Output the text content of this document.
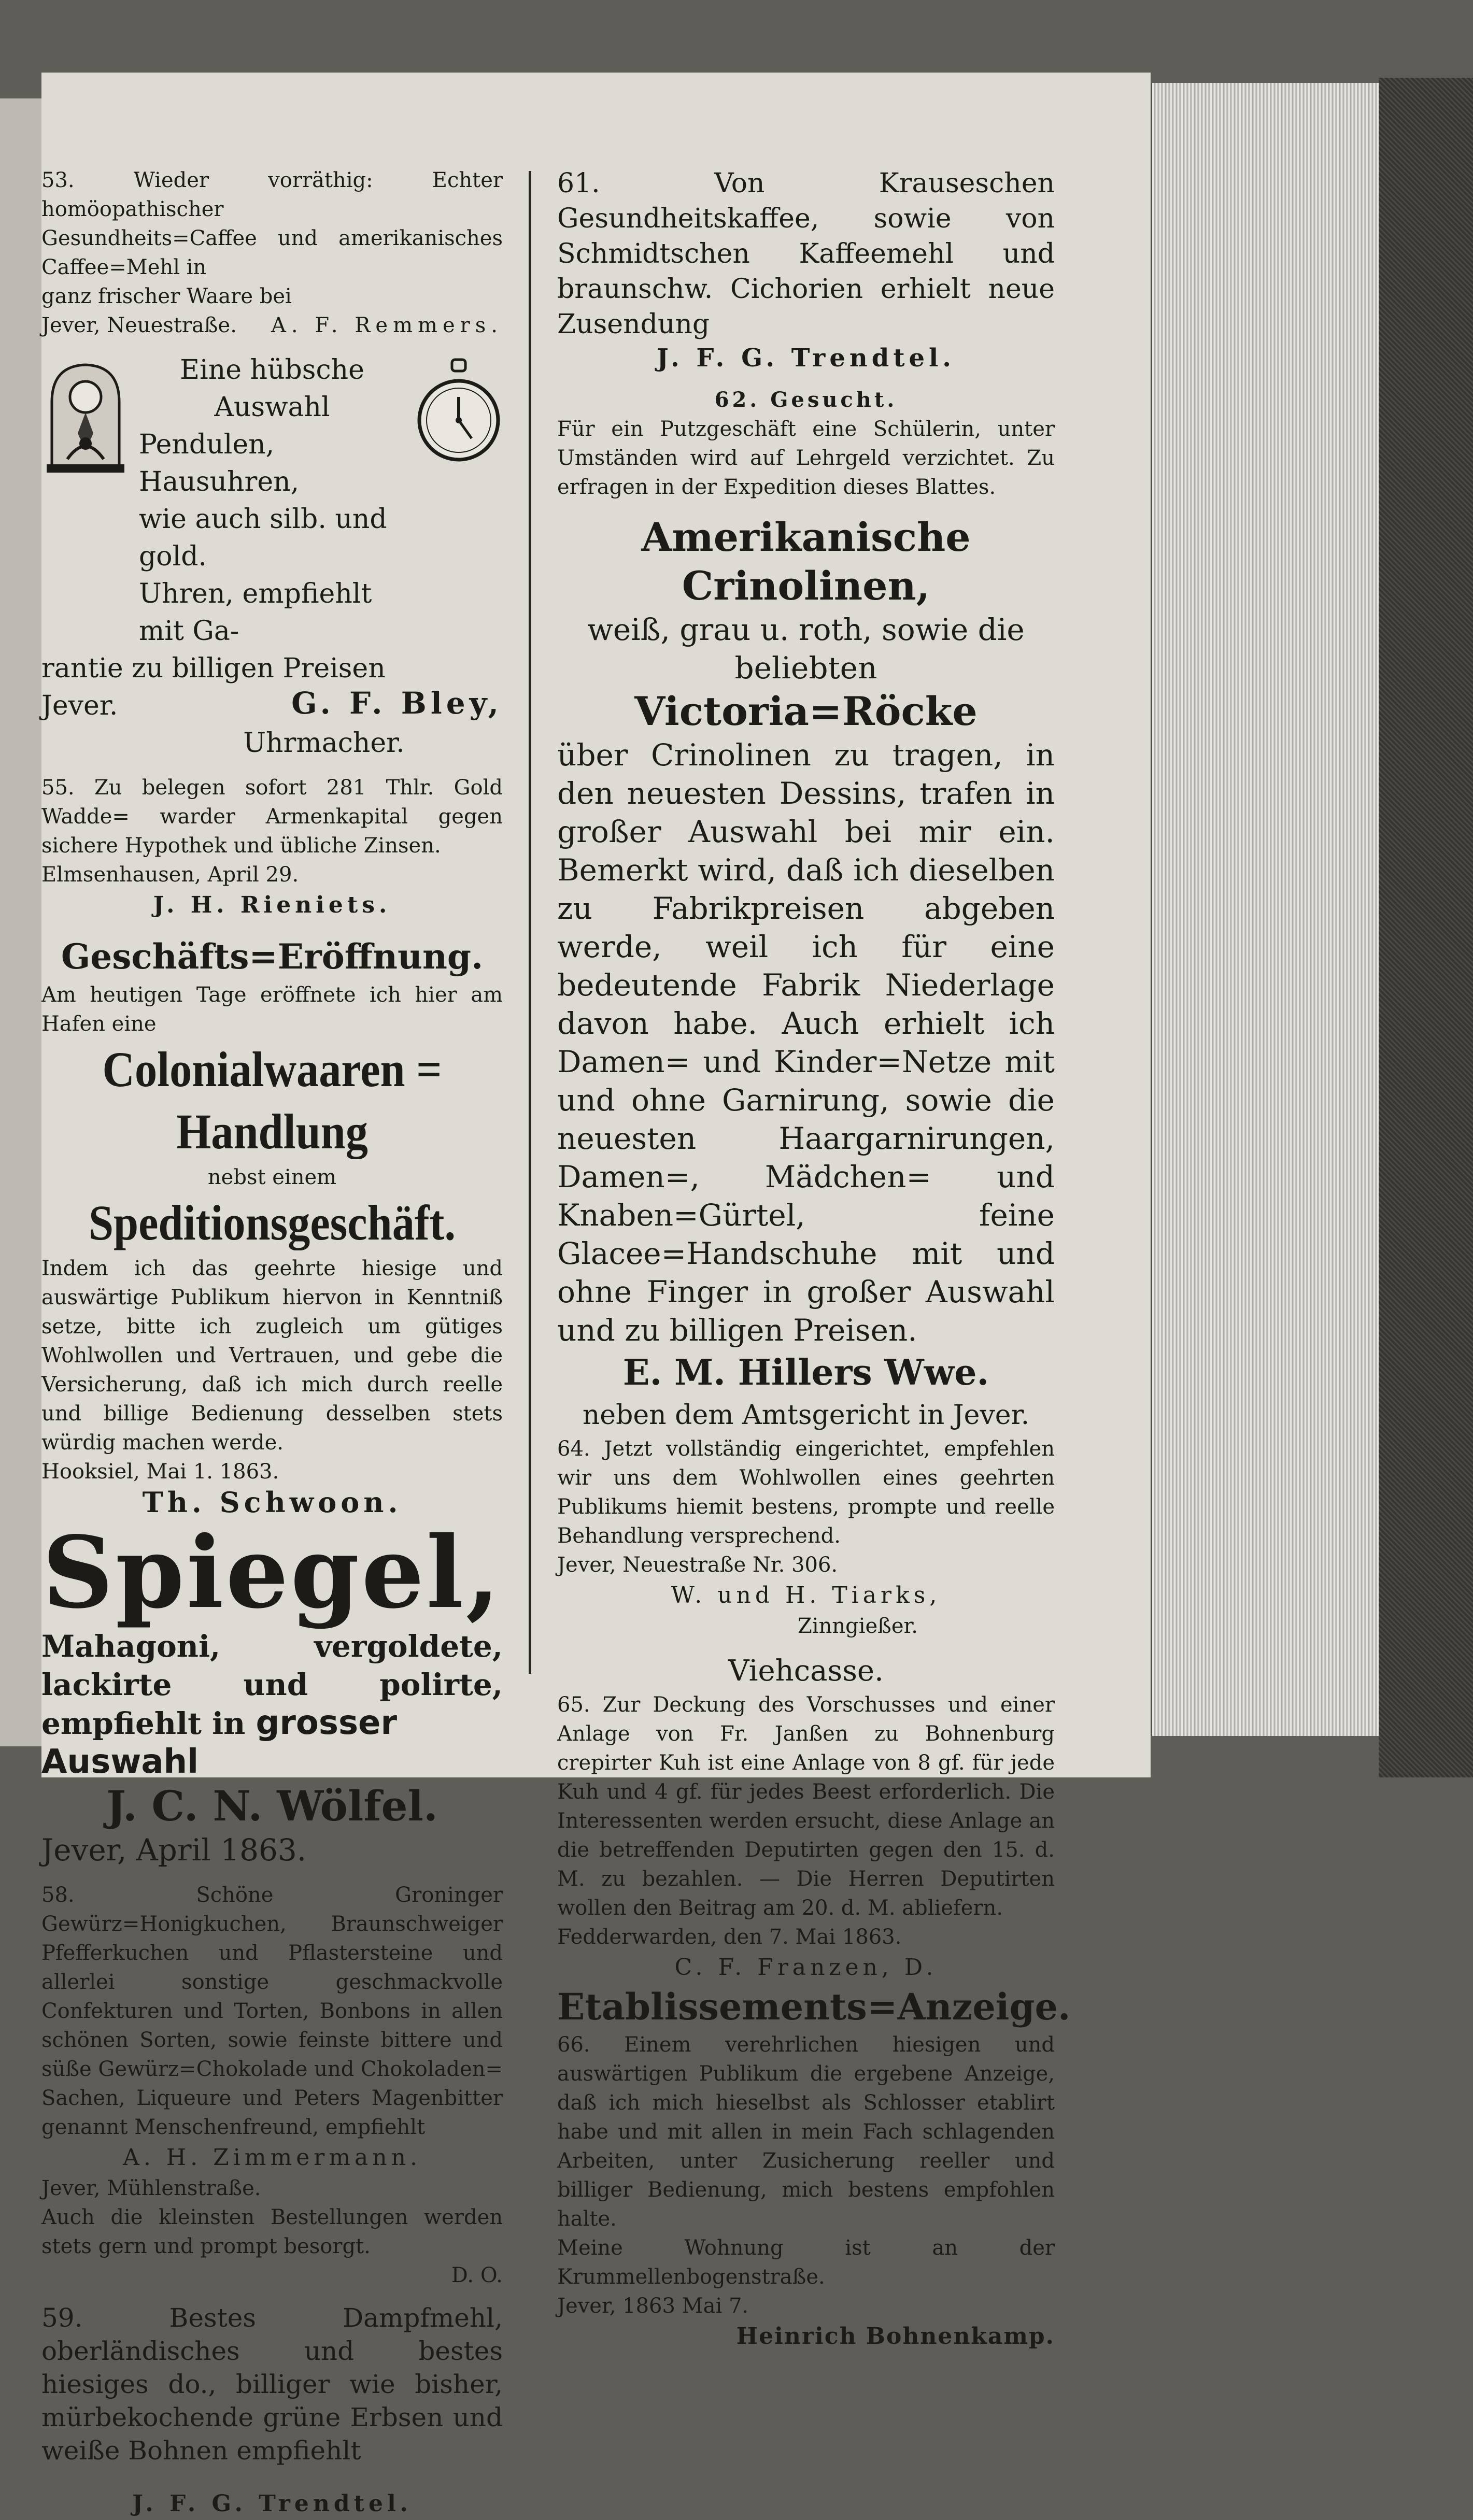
53. Wieder vorräthig: Echter homöopathischer

Gesundheits=Caffee und amerikanisches Caffee=Mehl in

ganz frischer Waare bei

Jever, Neuestraße. A. F. Remmers.

Eine hübsche Auswahl

Pendulen, Hausuhren,

wie auch silb. und gold.

Uhren, empfiehlt mit Ga-

rantie zu billigen Preisen

Jever.	G. F. Bley,

Uhrmacher.

55. Zu belegen sofort 281 Thlr. Gold Wadde= warder Armenkapital gegen sichere Hypothek und übliche Zinsen.

Elmsenhausen, April 29.

J. H. Rieniets.

Geschäfts=Eröffnung.

Am heutigen Tage eröffnete ich hier am Hafen eine

Colonialwaaren = Handlung

nebst einem

Speditionsgeschäft.

Indem ich das geehrte hiesige und auswärtige Publikum hiervon in Kenntniß setze, bitte ich zugleich um gütiges Wohlwollen und Vertrauen, und gebe die Versicherung, daß ich mich durch reelle und billige Bedienung desselben stets würdig machen werde.

Hooksiel, Mai 1. 1863.

Th. Schwoon.

Spiegel,

Mahagoni, vergoldete, lackirte und polirte, empfiehlt in grosser

Auswahl

J. C. N. Wölfel.

Jever, April 1863.

58. Schöne Groninger Gewürz=Honigkuchen, Braunschweiger Pfefferkuchen und Pflastersteine und allerlei sonstige geschmackvolle Confekturen und Torten, Bonbons in allen schönen Sorten, sowie feinste bittere und süße Gewürz=Chokolade und Chokoladen= Sachen, Liqueure und Peters Magenbitter genannt Menschenfreund, empfiehlt

A. H. Zimmermann.

Jever, Mühlenstraße.

Auch die kleinsten Bestellungen werden stets gern und prompt besorgt.

D. O.

59. Bestes Dampfmehl, oberländisches und bestes hiesiges do., billiger wie bisher, mürbekochende grüne Erbsen und weiße Bohnen empfiehlt

J. F. G. Trendtel.

61. Von Krauseschen Gesundheitskaffee, sowie von Schmidtschen Kaffeemehl und braunschw. Cichorien erhielt neue Zusendung

J. F. G. Trendtel.

62. Gesucht.

Für ein Putzgeschäft eine Schülerin, unter Umständen wird auf Lehrgeld verzichtet. Zu erfragen in der Expedition dieses Blattes.

Amerikanische Crinolinen,

weiß, grau u. roth, sowie die beliebten

Victoria=Röcke

über Crinolinen zu tragen, in den neuesten Dessins, trafen in großer Auswahl bei mir ein. Bemerkt wird, daß ich dieselben zu Fabrikpreisen abgeben werde, weil ich für eine bedeutende Fabrik Niederlage davon habe. Auch erhielt ich Damen= und Kinder=Netze mit und ohne Garnirung, sowie die neuesten Haargarnirungen, Damen=, Mädchen= und Knaben=Gürtel, feine Glacee=Handschuhe mit und ohne Finger in großer Auswahl und zu billigen Preisen.

E. M. Hillers Wwe.

neben dem Amtsgericht in Jever.

64. Jetzt vollständig eingerichtet, empfehlen wir uns dem Wohlwollen eines geehrten Publikums hiemit bestens, prompte und reelle Behandlung versprechend.

Jever, Neuestraße Nr. 306.

W. und H. Tiarks,

Zinngießer.

Viehcasse.

65. Zur Deckung des Vorschusses und einer Anlage von Fr. Janßen zu Bohnenburg crepirter Kuh ist eine Anlage von 8 gf. für jede Kuh und 4 gf. für jedes Beest erforderlich. Die Interessenten werden ersucht, diese Anlage an die betreffenden Deputirten gegen den 15. d. M. zu bezahlen. — Die Herren Deputirten wollen den Beitrag am 20. d. M. abliefern.

Fedderwarden, den 7. Mai 1863.

C. F. Franzen, D.

Etablissements=Anzeige.

66. Einem verehrlichen hiesigen und auswärtigen Publikum die ergebene Anzeige, daß ich mich hieselbst als Schlosser etablirt habe und mit allen in mein Fach schlagenden Arbeiten, unter Zusicherung reeller und billiger Bedienung, mich bestens empfohlen halte.

Meine Wohnung ist an der Krummellenbogenstraße.

Jever, 1863 Mai 7.

Heinrich Bohnenkamp.
